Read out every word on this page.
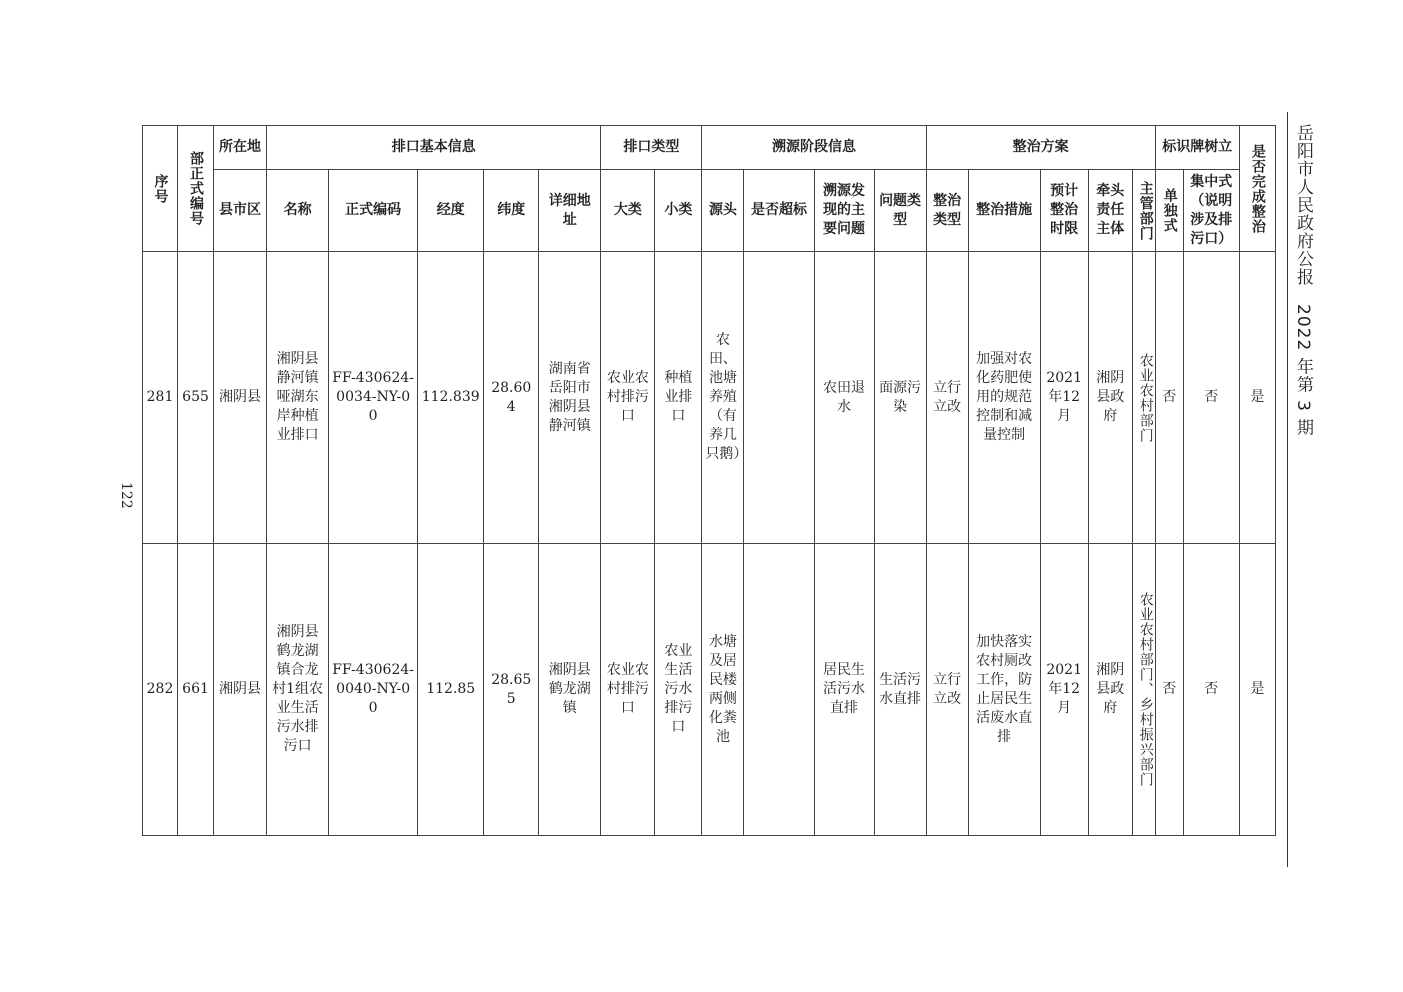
122
岳阳市人民政府公报　2022 年第 3 期
序号	部正式编号	所在地	排口基本信息					排口类型		溯源阶段信息				整治方案					标识牌树立		是否完成整治

		县市区	名称	正式编码	经度	纬度	详细地址	大类	小类	源头	是否超标	溯源发现的主要问题	问题类型	整治类型	整治措施	预计整治时限	牵头责任主体	主管部门	单独式	集中式（说明涉及排污口）	
281	655	湘阴县	湘阴县静河镇哑湖东岸种植业排口	FF-430624-0034-NY-00	112.839	28.604	湖南省岳阳市湘阴县静河镇	农业农村排污口	种植业排口	农田、池塘养殖（有养几只鹅）		农田退水	面源污染	立行立改	加强对农化药肥使用的规范控制和减量控制	2021年12月	湘阴县政府	农业农村部门	否	否	是
282	661	湘阴县	湘阴县鹤龙湖镇合龙村1组农业生活污水排污口	FF-430624-0040-NY-00	112.85	28.655	湘阴县鹤龙湖镇	农业农村排污口	农业生活污水排污口	水塘及居民楼两侧化粪池		居民生活污水直排	生活污水直排	立行立改	加快落实农村厕改工作，防止居民生活废水直排	2021年12月	湘阴县政府	农业农村部门、乡村振兴部门	否	否	是
